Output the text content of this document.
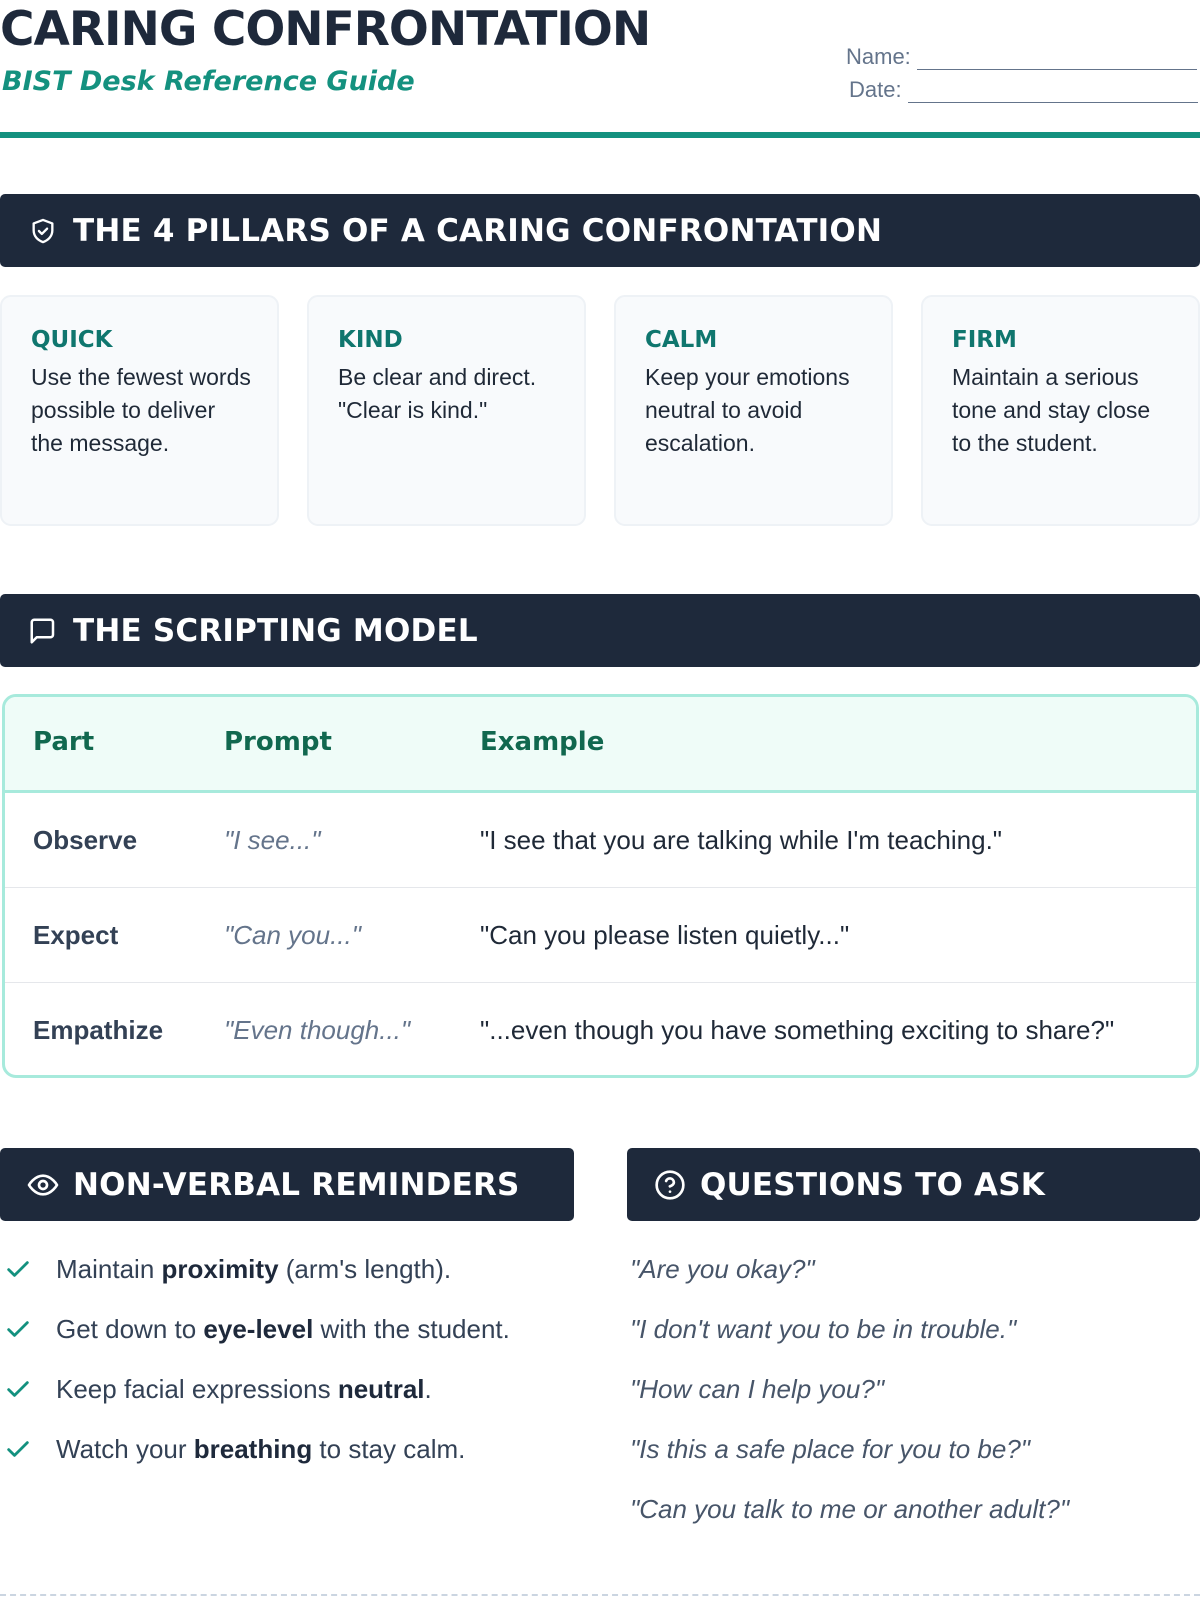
CARING CONFRONTATION
BIST Desk Reference Guide
Name:
Date:
THE 4 PILLARS OF A CARING CONFRONTATION
QUICK
Use the fewest words possible to deliver the message.
KIND
Be clear and direct. "Clear is kind."
CALM
Keep your emotions neutral to avoid escalation.
FIRM
Maintain a serious tone and stay close to the student.
THE SCRIPTING MODEL
Part	Prompt	Example
Observe	"I see..."	"I see that you are talking while I'm teaching."
Expect	"Can you..."	"Can you please listen quietly..."
Empathize "Even though..."	"...even though you have something exciting to share?"
NON-VERBAL REMINDERS
Maintain proximity (arm's length).
Get down to eye-level with the student.
Keep facial expressions neutral.
Watch your breathing to stay calm.
QUESTIONS TO ASK
"Are you okay?"
"I don't want you to be in trouble."
"How can I help you?"
"Is this a safe place for you to be?"
"Can you talk to me or another adult?"
